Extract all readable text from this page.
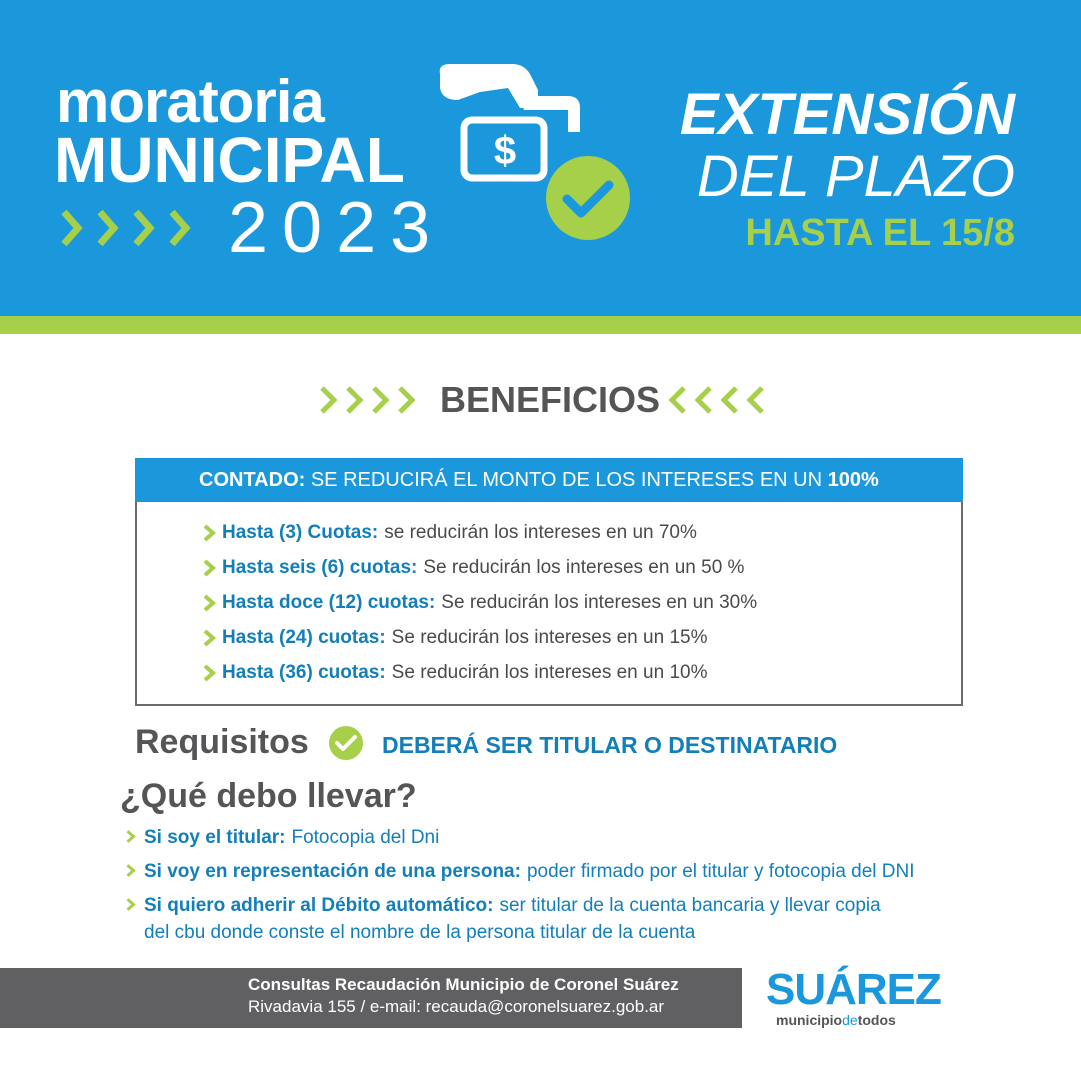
moratoria
MUNICIPAL
2023
$
EXTENSIÓN
DEL PLAZO
HASTA EL 15/8
BENEFICIOS
CONTADO: SE REDUCIRÁ EL MONTO DE LOS INTERESES EN UN 100%
Hasta (3) Cuotas: se reducirán los intereses en un 70%
Hasta seis (6) cuotas: Se reducirán los intereses en un 50 %
Hasta doce (12) cuotas: Se reducirán los intereses en un 30%
Hasta (24) cuotas: Se reducirán los intereses en un 15%
Hasta (36) cuotas: Se reducirán los intereses en un 10%
Requisitos	DEBERÁ SER TITULAR O DESTINATARIO
¿Qué debo llevar?
Si soy el titular: Fotocopia del Dni
Si voy en representación de una persona: poder firmado por el titular y fotocopia del DNI
Si quiero adherir al Débito automático: ser titular de la cuenta bancaria y llevar copia
del cbu donde conste el nombre de la persona titular de la cuenta
Consultas Recaudación Municipio de Coronel Suárez
Rivadavia 155 / e-mail: recauda@coronelsuarez.gob.ar SUÁREZ
municipiodetodos
